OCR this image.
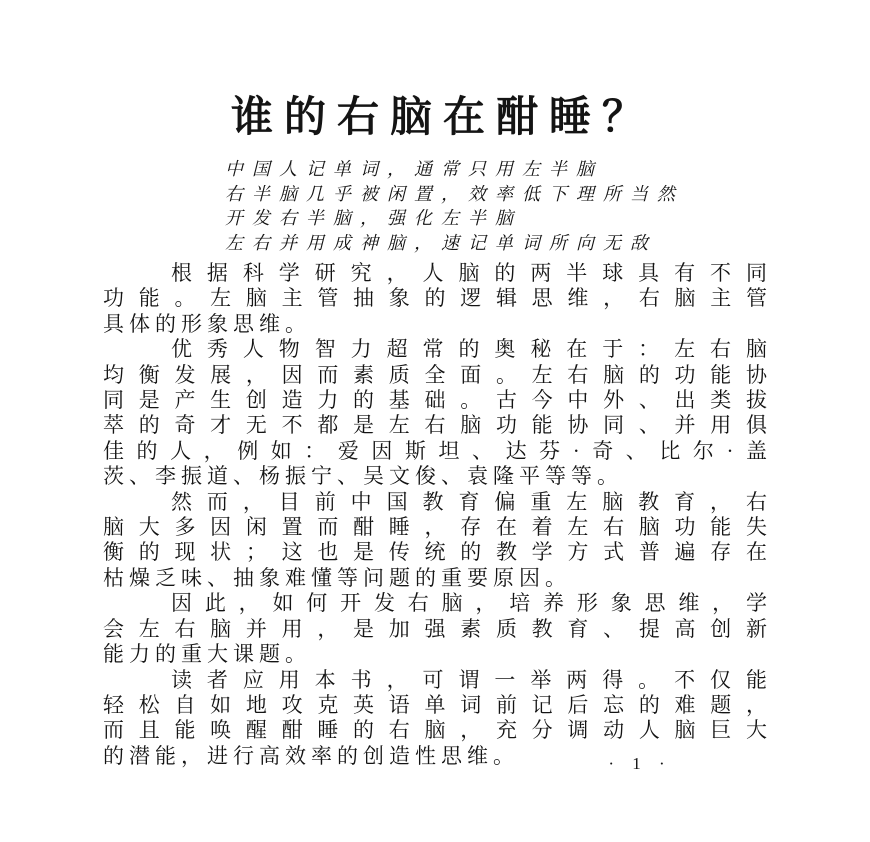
谁的右脑在酣睡？
中国人记单词，通常只用左半脑
右半脑几乎被闲置，效率低下理所当然
开发右半脑，强化左半脑
左右并用成神脑，速记单词所向无敌
根据科学研究，人脑的两半球具有不同
功能。左脑主管抽象的逻辑思维，右脑主管
具体的形象思维。
优秀人物智力超常的奥秘在于：左右脑
均衡发展，因而素质全面。左右脑的功能协
同是产生创造力的基础。古今中外、出类拔
萃的奇才无不都是左右脑功能协同、并用俱
佳的人，例如：爱因斯坦、达芬·奇、比尔·盖
茨、李振道、杨振宁、吴文俊、袁隆平等等。
然而，目前中国教育偏重左脑教育，右
脑大多因闲置而酣睡，存在着左右脑功能失
衡的现状；这也是传统的教学方式普遍存在
枯燥乏味、抽象难懂等问题的重要原因。
因此，如何开发右脑，培养形象思维，学
会左右脑并用，是加强素质教育、提高创新
能力的重大课题。
读者应用本书，可谓一举两得。不仅能
轻松自如地攻克英语单词前记后忘的难题，
而且能唤醒酣睡的右脑，充分调动人脑巨大
的潜能，进行高效率的创造性思维。	· 1 ·
